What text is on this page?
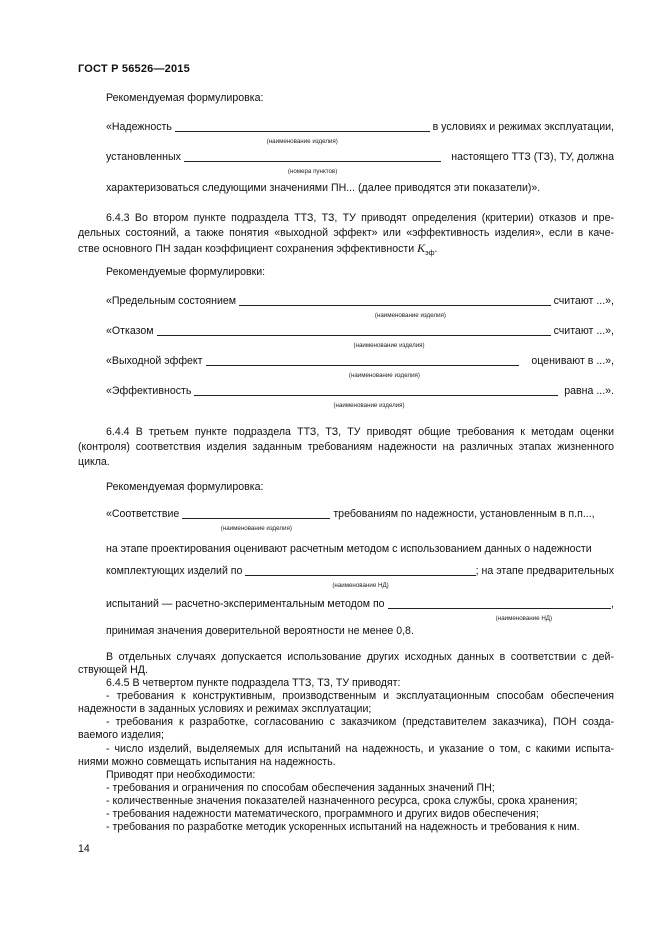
ГОСТ Р 56526—2015
Рекомендуемая формулировка:
«Надежность
(наименование изделия)
в условиях и режимах эксплуатации,
установленных
(номера пунктов)
настоящего ТТЗ (ТЗ), ТУ, должна
характеризоваться следующими значениями ПН... (далее приводятся эти показатели)».
6.4.3 Во втором пункте подраздела ТТЗ, ТЗ, ТУ приводят определения (критерии) отказов и пре-
дельных состояний, а также понятия «выходной эффект» или «эффективность изделия», если в каче-
стве основного ПН задан коэффициент сохранения эффективности $K_{эф}$.
Рекомендуемые формулировки:
«Предельным состоянием
(наименование изделия)
считают ...»,
«Отказом
(наименование изделия)
считают ...»,
«Выходной эффект
(наименование изделия)
оценивают в ...»,
«Эффективность
(наименование изделия)
равна ...».
6.4.4 В третьем пункте подраздела ТТЗ, ТЗ, ТУ приводят общие требования к методам оценки
(контроля) соответствия изделия заданным требованиям надежности на различных этапах жизненного
цикла.
Рекомендуемая формулировка:
«Соответствие
(наименование изделия)
требованиям по надежности, установленным в п.п...,
на этапе проектирования оценивают расчетным методом с использованием данных о надежности
комплектующих изделий по
(наименование НД)
; на этапе предварительных
испытаний — расчетно-экспериментальным методом по
(наименование НД)
,
принимая значения доверительной вероятности не менее 0,8.
В отдельных случаях допускается использование других исходных данных в соответствии с дей-
ствующей НД.
6.4.5 В четвертом пункте подраздела ТТЗ, ТЗ, ТУ приводят:
- требования к конструктивным, производственным и эксплуатационным способам обеспечения
надежности в заданных условиях и режимах эксплуатации;
- требования к разработке, согласованию с заказчиком (представителем заказчика), ПОН созда-
ваемого изделия;
- число изделий, выделяемых для испытаний на надежность, и указание о том, с какими испыта-
ниями можно совмещать испытания на надежность.
Приводят при необходимости:
- требования и ограничения по способам обеспечения заданных значений ПН;
- количественные значения показателей назначенного ресурса, срока службы, срока хранения;
- требования надежности математического, программного и других видов обеспечения;
- требования по разработке методик ускоренных испытаний на надежность и требования к ним.
14
